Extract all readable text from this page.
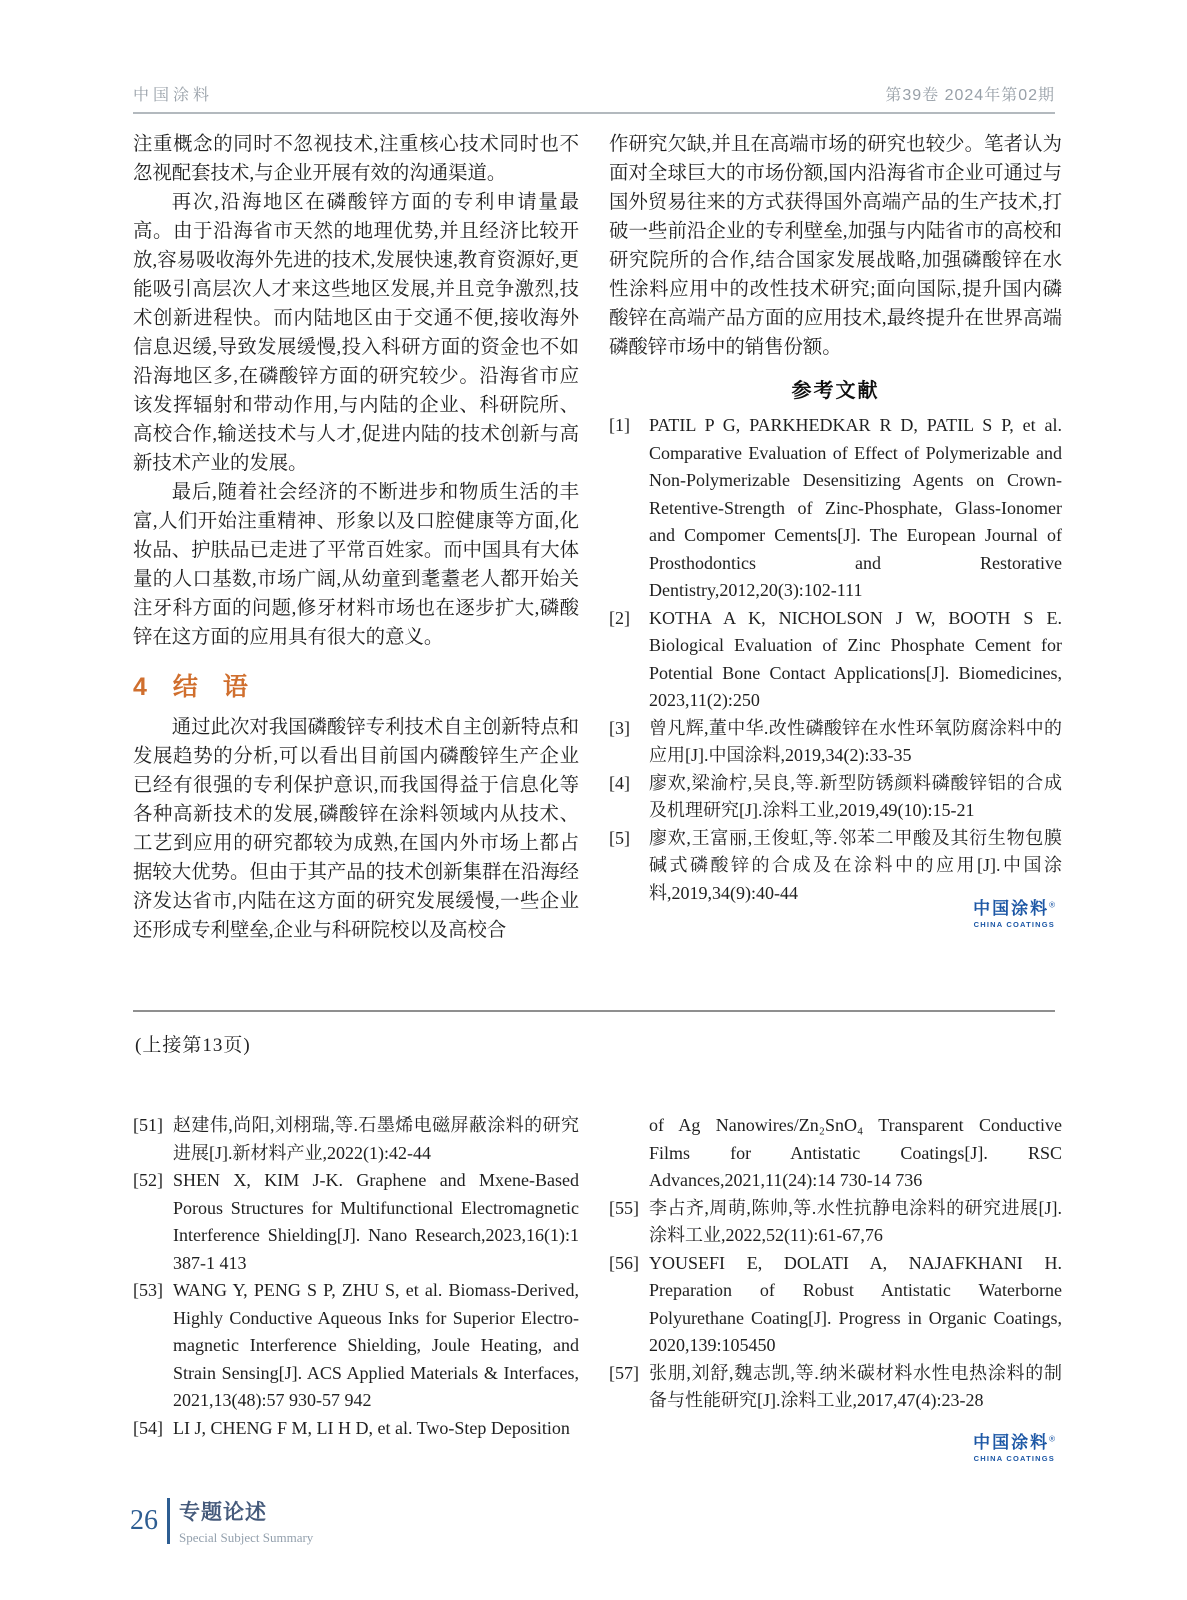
中国涂料	第39卷 2024年第02期

注重概念的同时不忽视技术,注重核心技术同时也不忽视配套技术,与企业开展有效的沟通渠道。

再次,沿海地区在磷酸锌方面的专利申请量最高。由于沿海省市天然的地理优势,并且经济比较开放,容易吸收海外先进的技术,发展快速,教育资源好,更能吸引高层次人才来这些地区发展,并且竞争激烈,技术创新进程快。而内陆地区由于交通不便,接收海外信息迟缓,导致发展缓慢,投入科研方面的资金也不如沿海地区多,在磷酸锌方面的研究较少。沿海省市应该发挥辐射和带动作用,与内陆的企业、科研院所、高校合作,输送技术与人才,促进内陆的技术创新与高新技术产业的发展。

最后,随着社会经济的不断进步和物质生活的丰富,人们开始注重精神、形象以及口腔健康等方面,化妆品、护肤品已走进了平常百姓家。而中国具有大体量的人口基数,市场广阔,从幼童到耄耋老人都开始关注牙科方面的问题,修牙材料市场也在逐步扩大,磷酸锌在这方面的应用具有很大的意义。

4 结　语

通过此次对我国磷酸锌专利技术自主创新特点和发展趋势的分析,可以看出目前国内磷酸锌生产企业已经有很强的专利保护意识,而我国得益于信息化等各种高新技术的发展,磷酸锌在涂料领域内从技术、工艺到应用的研究都较为成熟,在国内外市场上都占据较大优势。但由于其产品的技术创新集群在沿海经济发达省市,内陆在这方面的研究发展缓慢,一些企业还形成专利壁垒,企业与科研院校以及高校合

作研究欠缺,并且在高端市场的研究也较少。笔者认为面对全球巨大的市场份额,国内沿海省市企业可通过与国外贸易往来的方式获得国外高端产品的生产技术,打破一些前沿企业的专利壁垒,加强与内陆省市的高校和研究院所的合作,结合国家发展战略,加强磷酸锌在水性涂料应用中的改性技术研究;面向国际,提升国内磷酸锌在高端产品方面的应用技术,最终提升在世界高端磷酸锌市场中的销售份额。

参考文献
[1] PATIL P G, PARKHEDKAR R D, PATIL S P, et al. Comparative Evaluation of Effect of Polymerizable and Non-Polymerizable Desensitizing Agents on Crown-Retentive-Strength of Zinc-Phosphate, Glass-Ionomer and Compomer Cements[J]. The European Journal of Prosthodontics and Restorative Dentistry,2012,20(3):102-111
[2] KOTHA A K, NICHOLSON J W, BOOTH S E. Biological Evaluation of Zinc Phosphate Cement for Potential Bone Contact Applications[J]. Biomedicines, 2023,11(2):250
[3] 曾凡辉,董中华.改性磷酸锌在水性环氧防腐涂料中的应用[J].中国涂料,2019,34(2):33-35
[4] 廖欢,梁渝柠,吴良,等.新型防锈颜料磷酸锌铝的合成及机理研究[J].涂料工业,2019,49(10):15-21
[5] 廖欢,王富丽,王俊虹,等.邻苯二甲酸及其衍生物包膜碱式磷酸锌的合成及在涂料中的应用[J].中国涂料,2019,34(9):40-44
中国涂料®
CHINA COATINGS
(上接第13页)
[51] 赵建伟,尚阳,刘栩瑞,等.石墨烯电磁屏蔽涂料的研究进展[J].新材料产业,2022(1):42-44
[52] SHEN X, KIM J-K. Graphene and Mxene-Based Porous Structures for Multifunctional Electromagnetic Interference Shielding[J]. Nano Research,2023,16(1):1 387-1 413
[53] WANG Y, PENG S P, ZHU S, et al. Biomass-Derived, Highly Conductive Aqueous Inks for Superior Electro-magnetic Interference Shielding, Joule Heating, and Strain Sensing[J]. ACS Applied Materials & Interfaces, 2021,13(48):57 930-57 942
[54] LI J, CHENG F M, LI H D, et al. Two-Step Deposition
of Ag Nanowires/Zn₂SnO₄ Transparent Conductive Films for Antistatic Coatings[J]. RSC Advances,2021,11(24):14 730-14 736
[55] 李占齐,周萌,陈帅,等.水性抗静电涂料的研究进展[J].涂料工业,2022,52(11):61-67,76
[56] YOUSEFI E, DOLATI A, NAJAFKHANI H. Preparation of Robust Antistatic Waterborne Polyurethane Coating[J]. Progress in Organic Coatings, 2020,139:105450
[57] 张朋,刘舒,魏志凯,等.纳米碳材料水性电热涂料的制备与性能研究[J].涂料工业,2017,47(4):23-28
中国涂料®
CHINA COATINGS
26 专题论述
Special Subject Summary
